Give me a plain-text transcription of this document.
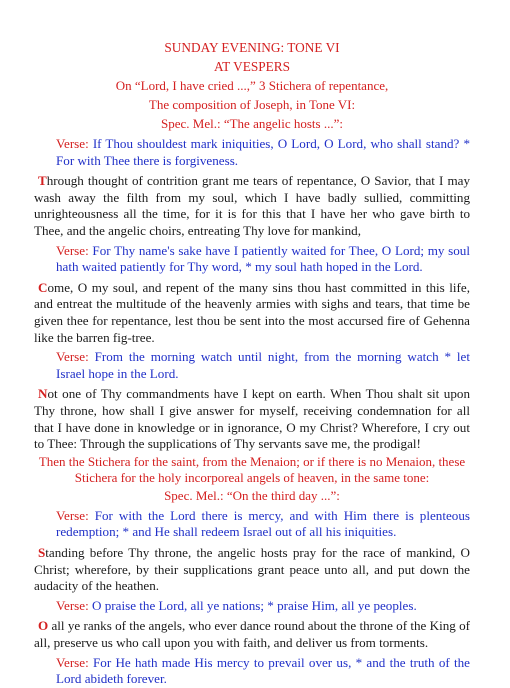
SUNDAY EVENING: TONE VI
AT VESPERS
On “Lord, I have cried ...,” 3 Stichera of repentance,
The composition of Joseph, in Tone VI:
Spec. Mel.: “The angelic hosts ...”:

Verse: If Thou shouldest mark iniquities, O Lord, O Lord, who shall stand? * For with Thee there is forgiveness.

Through thought of contrition grant me tears of repentance, O Savior, that I may wash away the filth from my soul, which I have badly sullied, committing unrighteousness all the time, for it is for this that I have her who gave birth to Thee, and the angelic choirs, entreating Thy love for mankind,

Verse: For Thy name's sake have I patiently waited for Thee, O Lord; my soul hath waited patiently for Thy word, * my soul hath hoped in the Lord.

Come, O my soul, and repent of the many sins thou hast committed in this life, and entreat the multitude of the heavenly armies with sighs and tears, that time be given thee for repentance, lest thou be sent into the most accursed fire of Gehenna like the barren fig-tree.

Verse: From the morning watch until night, from the morning watch * let Israel hope in the Lord.

Not one of Thy commandments have I kept on earth. When Thou shalt sit upon Thy throne, how shall I give answer for myself, receiving condemnation for all that I have done in knowledge or in ignorance, O my Christ? Wherefore, I cry out to Thee: Through the supplications of Thy servants save me, the prodigal!

Then the Stichera for the saint, from the Menaion; or if there is no Menaion, these Stichera for the holy incorporeal angels of heaven, in the same tone:

Spec. Mel.: “On the third day ...”:

Verse: For with the Lord there is mercy, and with Him there is plenteous redemption; * and He shall redeem Israel out of all his iniquities.

Standing before Thy throne, the angelic hosts pray for the race of mankind, O Christ; wherefore, by their supplications grant peace unto all, and put down the audacity of the heathen.

Verse: O praise the Lord, all ye nations; * praise Him, all ye peoples.

O all ye ranks of the angels, who ever dance round about the throne of the King of all, preserve us who call upon you with faith, and deliver us from torments.

Verse: For He hath made His mercy to prevail over us, * and the truth of the Lord abideth forever.
